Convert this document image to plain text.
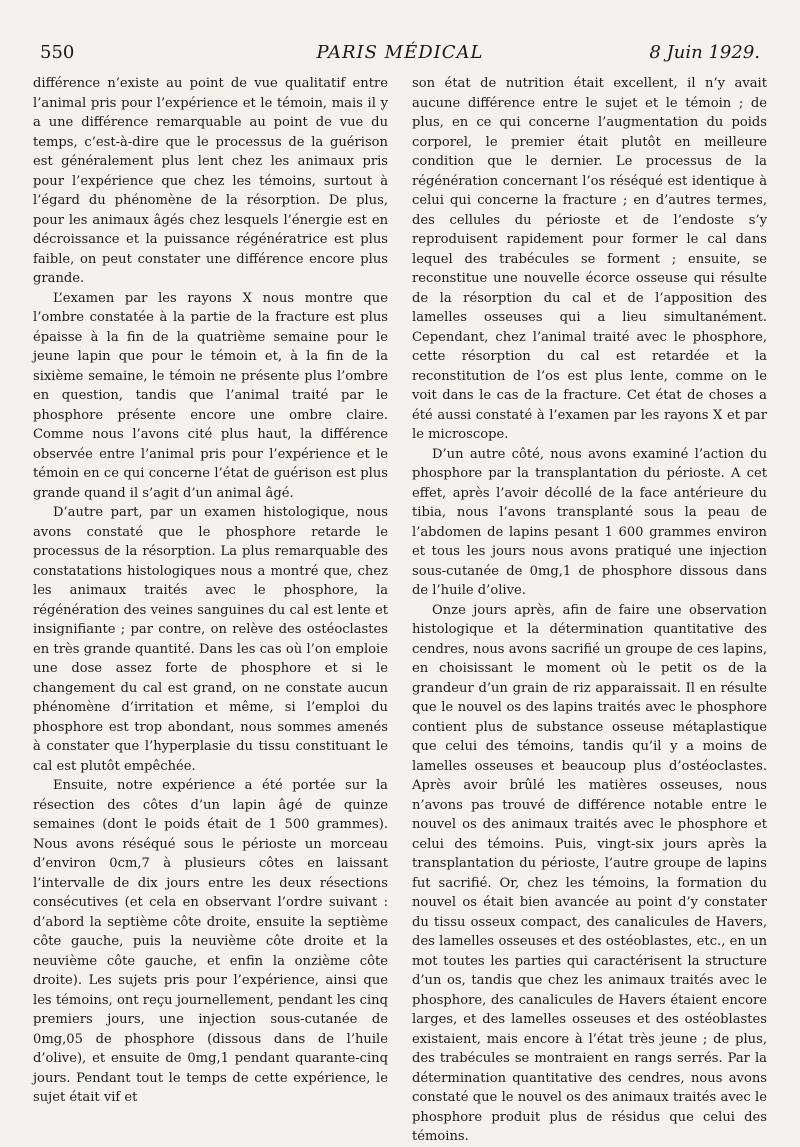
550	PARIS MÉDICAL	8 Juin 1929.

différence n’existe au point de vue qualitatif entre l’animal pris pour l’expérience et le témoin, mais il y a une différence remarquable au point de vue du temps, c’est-à-dire que le processus de la guérison est généralement plus lent chez les animaux pris pour l’expérience que chez les témoins, surtout à l’égard du phénomène de la résorption. De plus, pour les animaux âgés chez lesquels l’énergie est en décroissance et la puissance régénératrice est plus faible, on peut constater une différence encore plus grande.

L’examen par les rayons X nous montre que l’ombre constatée à la partie de la fracture est plus épaisse à la fin de la quatrième semaine pour le jeune lapin que pour le témoin et, à la fin de la sixième semaine, le témoin ne présente plus l’ombre en question, tandis que l’animal traité par le phosphore présente encore une ombre claire. Comme nous l’avons cité plus haut, la différence observée entre l’animal pris pour l’expérience et le témoin en ce qui concerne l’état de guérison est plus grande quand il s’agit d’un animal âgé.

D’autre part, par un examen histologique, nous avons constaté que le phosphore retarde le processus de la résorption. La plus remarquable des constatations histologiques nous a montré que, chez les animaux traités avec le phosphore, la régénération des veines sanguines du cal est lente et insignifiante ; par contre, on relève des ostéoclastes en très grande quantité. Dans les cas où l’on emploie une dose assez forte de phosphore et si le changement du cal est grand, on ne constate aucun phénomène d’irritation et même, si l’emploi du phosphore est trop abondant, nous sommes amenés à constater que l’hyperplasie du tissu constituant le cal est plutôt empêchée.

Ensuite, notre expérience a été portée sur la résection des côtes d’un lapin âgé de quinze semaines (dont le poids était de 1 500 grammes). Nous avons réséqué sous le périoste un morceau d’environ 0cm,7 à plusieurs côtes en laissant l’intervalle de dix jours entre les deux résections consécutives (et cela en observant l’ordre suivant : d’abord la septième côte droite, ensuite la septième côte gauche, puis la neuvième côte droite et la neuvième côte gauche, et enfin la onzième côte droite). Les sujets pris pour l’expérience, ainsi que les témoins, ont reçu journellement, pendant les cinq premiers jours, une injection sous-cutanée de 0mg,05 de phosphore (dissous dans de l’huile d’olive), et ensuite de 0mg,1 pendant quarante-cinq jours. Pendant tout le temps de cette expérience, le sujet était vif et

son état de nutrition était excellent, il n’y avait aucune différence entre le sujet et le témoin ; de plus, en ce qui concerne l’augmentation du poids corporel, le premier était plutôt en meilleure condition que le dernier. Le processus de la régénération concernant l’os réséqué est identique à celui qui concerne la fracture ; en d’autres termes, des cellules du périoste et de l’endoste s’y reproduisent rapidement pour former le cal dans lequel des trabécules se forment ; ensuite, se reconstitue une nouvelle écorce osseuse qui résulte de la résorption du cal et de l’apposition des lamelles osseuses qui a lieu simultanément. Cependant, chez l’animal traité avec le phosphore, cette résorption du cal est retardée et la reconstitution de l’os est plus lente, comme on le voit dans le cas de la fracture. Cet état de choses a été aussi constaté à l’examen par les rayons X et par le microscope.

D’un autre côté, nous avons examiné l’action du phosphore par la transplantation du périoste. A cet effet, après l’avoir décollé de la face antérieure du tibia, nous l’avons transplanté sous la peau de l’abdomen de lapins pesant 1 600 grammes environ et tous les jours nous avons pratiqué une injection sous-cutanée de 0mg,1 de phosphore dissous dans de l’huile d’olive.

Onze jours après, afin de faire une observation histologique et la détermination quantitative des cendres, nous avons sacrifié un groupe de ces lapins, en choisissant le moment où le petit os de la grandeur d’un grain de riz apparaissait. Il en résulte que le nouvel os des lapins traités avec le phosphore contient plus de substance osseuse métaplastique que celui des témoins, tandis qu’il y a moins de lamelles osseuses et beaucoup plus d’ostéoclastes. Après avoir brûlé les matières osseuses, nous n’avons pas trouvé de différence notable entre le nouvel os des animaux traités avec le phosphore et celui des témoins. Puis, vingt-six jours après la transplantation du périoste, l’autre groupe de lapins fut sacrifié. Or, chez les témoins, la formation du nouvel os était bien avancée au point d’y constater du tissu osseux compact, des canalicules de Havers, des lamelles osseuses et des ostéoblastes, etc., en un mot toutes les parties qui caractérisent la structure d’un os, tandis que chez les animaux traités avec le phosphore, des canalicules de Havers étaient encore larges, et des lamelles osseuses et des ostéoblastes existaient, mais encore à l’état très jeune ; de plus, des trabécules se montraient en rangs serrés. Par la détermination quantitative des cendres, nous avons constaté que le nouvel os des animaux traités avec le phosphore produit plus de résidus que celui des témoins.
